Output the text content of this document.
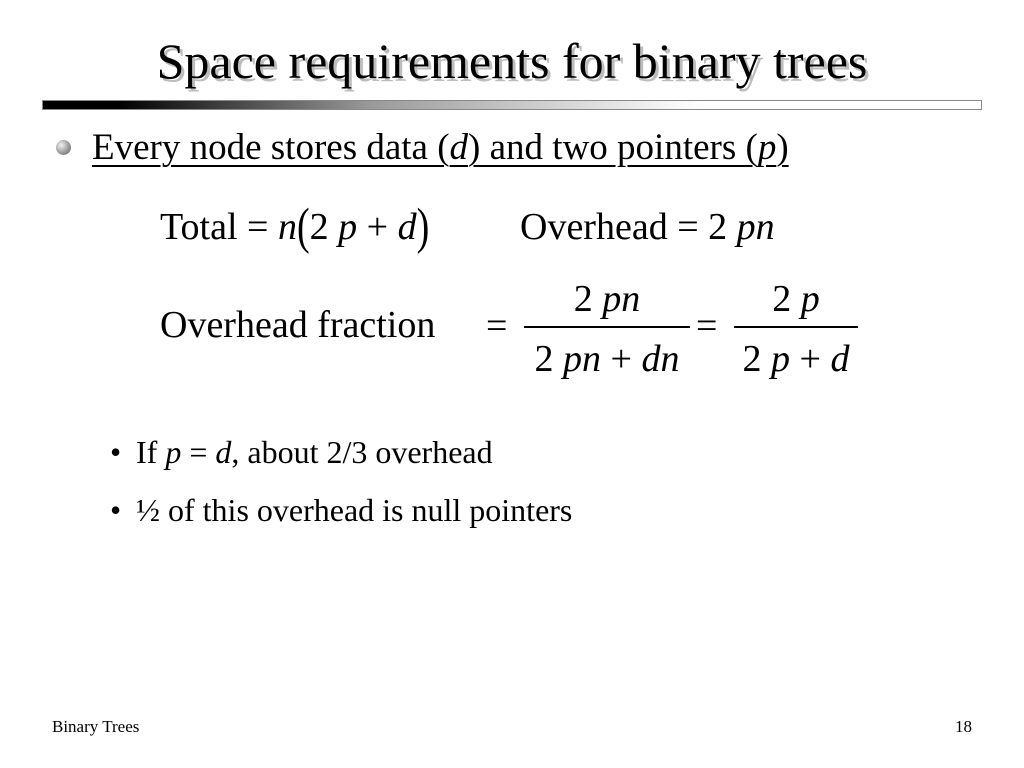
Space requirements for binary trees
Every node stores data (d) and two pointers (p)
Total = n(2 p + d) Overhead = 2 pn
Overhead fraction =
2 pn
2 pn + dn
=
2 p
2 p + d
• If p = d, about 2/3 overhead
• ½ of this overhead is null pointers
Binary Trees	18
